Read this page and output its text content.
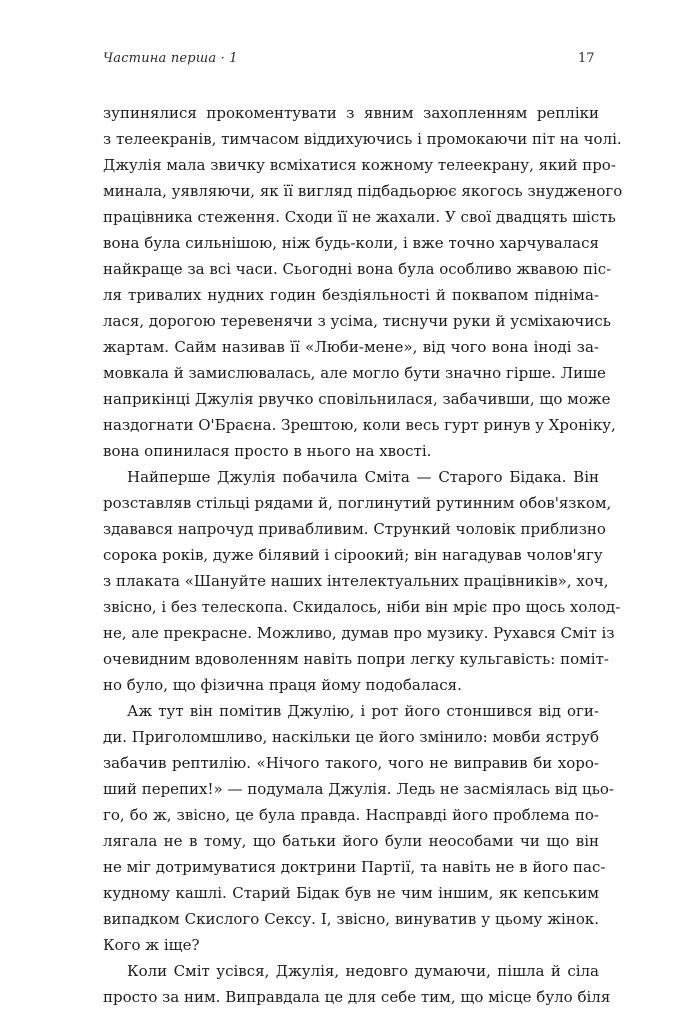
Частина перша · 1	17
зупинялися прокоментувати з явним захопленням репліки
з телеекранів, тимчасом віддихуючись і промокаючи піт на чолі.
Джулія мала звичку всміхатися кожному телеекрану, який про-
минала, уявляючи, як її вигляд підбадьорює якогось знудженого
працівника стеження. Сходи її не жахали. У свої двадцять шість
вона була сильнішою, ніж будь-коли, і вже точно харчувалася
найкраще за всі часи. Сьогодні вона була особливо жвавою піс-
ля тривалих нудних годин бездіяльності й поквапом підніма-
лася, дорогою теревенячи з усіма, тиснучи руки й усміхаючись
жартам. Сайм називав її «Люби-мене», від чого вона іноді за-
мовкала й замислювалась, але могло бути значно гірше. Лише
наприкінці Джулія рвучко сповільнилася, забачивши, що може
наздогнати О'Браєна. Зрештою, коли весь гурт ринув у Хроніку,
вона опинилася просто в нього на хвості.
Найперше Джулія побачила Сміта — Старого Бідака. Він
розставляв стільці рядами й, поглинутий рутинним обов'язком,
здавався напрочуд привабливим. Стрункий чоловік приблизно
сорока років, дуже білявий і сіроокий; він нагадував чолов'ягу
з плаката «Шануйте наших інтелектуальних працівників», хоч,
звісно, і без телескопа. Скидалось, ніби він мріє про щось холод-
не, але прекрасне. Можливо, думав про музику. Рухався Сміт із
очевидним вдоволенням навіть попри легку кульгавість: поміт-
но було, що фізична праця йому подобалася.
Аж тут він помітив Джулію, і рот його стоншився від оги-
ди. Приголомшливо, наскільки це його змінило: мовби яструб
забачив рептилію. «Нічого такого, чого не виправив би хоро-
ший перепих!» — подумала Джулія. Ледь не засміялась від цьо-
го, бо ж, звісно, це була правда. Насправді його проблема по-
лягала не в тому, що батьки його були неособами чи що він
не міг дотримуватися доктрини Партії, та навіть не в його пас-
кудному кашлі. Старий Бідак був не чим іншим, як кепським
випадком Скислого Сексу. І, звісно, винуватив у цьому жінок.
Кого ж іще?
Коли Сміт усівся, Джулія, недовго думаючи, пішла й сіла
просто за ним. Виправдала це для себе тим, що місце було біля
